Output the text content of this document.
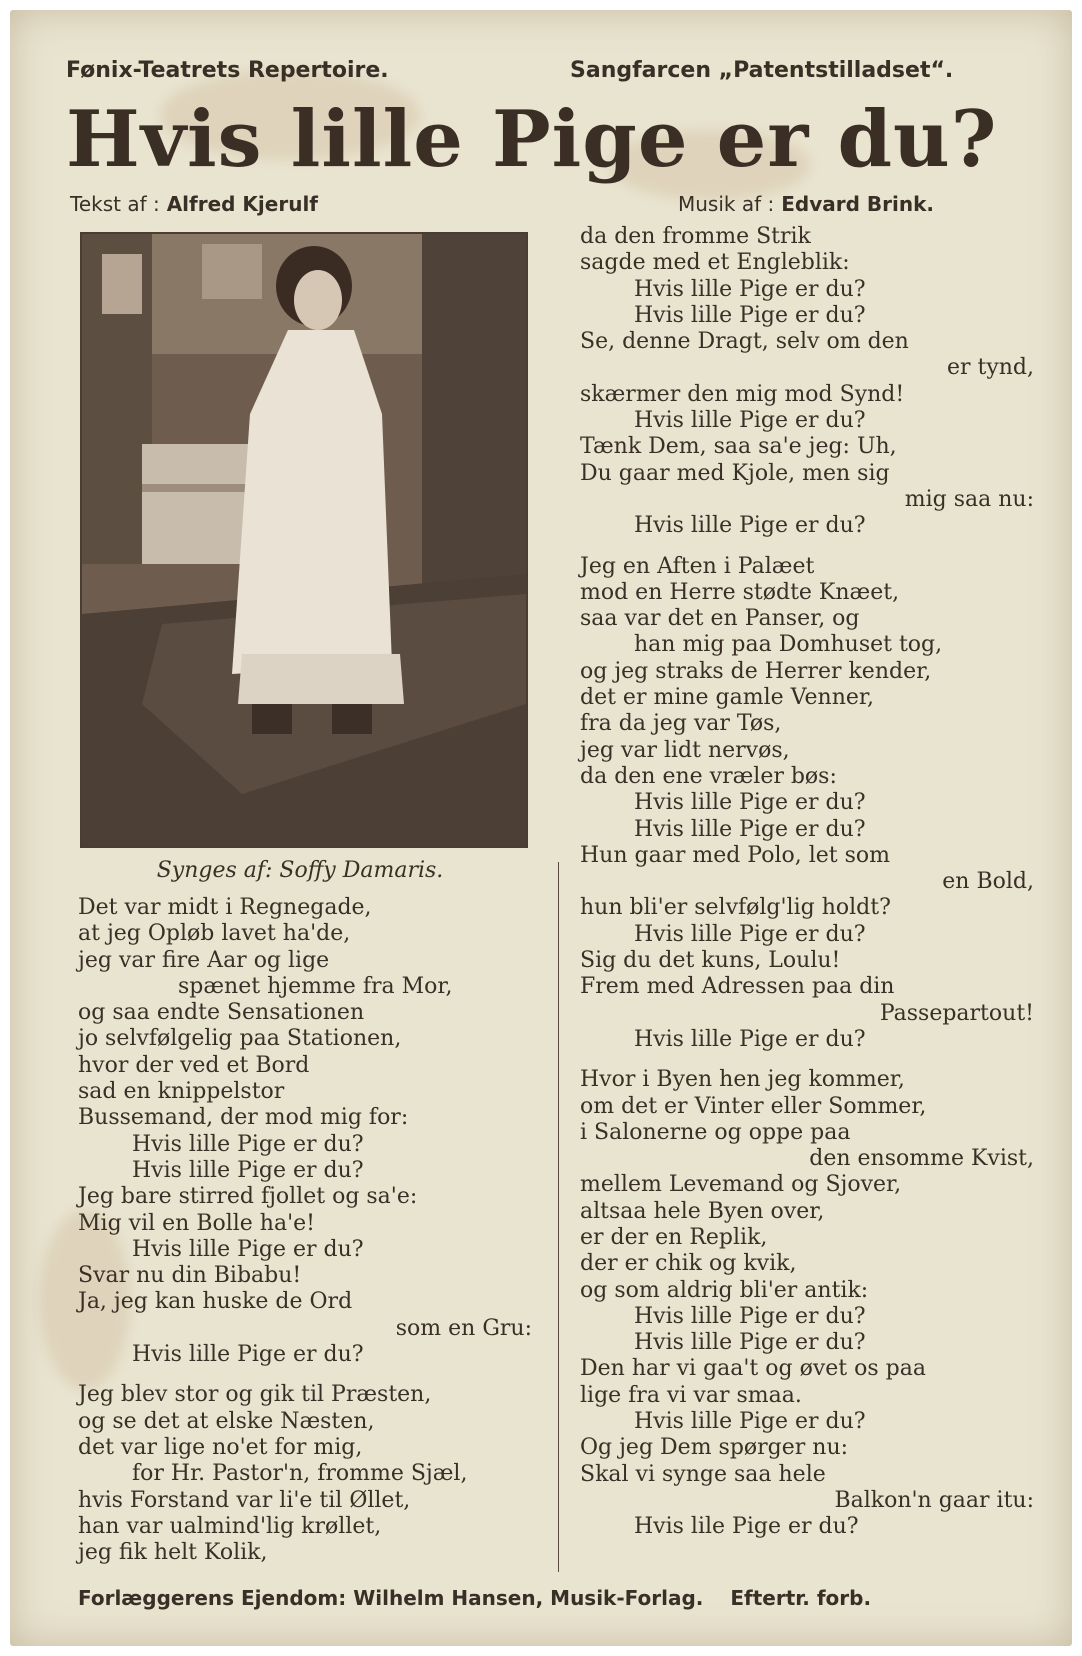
Fønix-Teatrets Repertoire.	Sangfarcen „Patentstilladset“.
Hvis lille Pige er du?
Tekst af : Alfred Kjerulf	Musik af : Edvard Brink.
Synges af: Soffy Damaris.
Det var midt i Regnegade,
at jeg Opløb lavet ha'de,
jeg var fire Aar og lige
spænet hjemme fra Mor,
og saa endte Sensationen
jo selvfølgelig paa Stationen,
hvor der ved et Bord
sad en knippelstor
Bussemand, der mod mig for:
Hvis lille Pige er du?
Hvis lille Pige er du?
Jeg bare stirred fjollet og sa'e:
Mig vil en Bolle ha'e!
Hvis lille Pige er du?
Svar nu din Bibabu!
Ja, jeg kan huske de Ord
som en Gru:
Hvis lille Pige er du?
Jeg blev stor og gik til Præsten,
og se det at elske Næsten,
det var lige no'et for mig,
for Hr. Pastor'n, fromme Sjæl,
hvis Forstand var li'e til Øllet,
han var ualmind'lig krøllet,
jeg fik helt Kolik,
da den fromme Strik
sagde med et Engleblik:
Hvis lille Pige er du?
Hvis lille Pige er du?
Se, denne Dragt, selv om den
er tynd,
skærmer den mig mod Synd!
Hvis lille Pige er du?
Tænk Dem, saa sa'e jeg: Uh,
Du gaar med Kjole, men sig
mig saa nu:
Hvis lille Pige er du?
Jeg en Aften i Palæet
mod en Herre stødte Knæet,
saa var det en Panser, og
han mig paa Domhuset tog,
og jeg straks de Herrer kender,
det er mine gamle Venner,
fra da jeg var Tøs,
jeg var lidt nervøs,
da den ene vræler bøs:
Hvis lille Pige er du?
Hvis lille Pige er du?
Hun gaar med Polo, let som
en Bold,
hun bli'er selvfølg'lig holdt?
Hvis lille Pige er du?
Sig du det kuns, Loulu!
Frem med Adressen paa din
Passepartout!
Hvis lille Pige er du?
Hvor i Byen hen jeg kommer,
om det er Vinter eller Sommer,
i Salonerne og oppe paa
den ensomme Kvist,
mellem Levemand og Sjover,
altsaa hele Byen over,
er der en Replik,
der er chik og kvik,
og som aldrig bli'er antik:
Hvis lille Pige er du?
Hvis lille Pige er du?
Den har vi gaa't og øvet os paa
lige fra vi var smaa.
Hvis lille Pige er du?
Og jeg Dem spørger nu:
Skal vi synge saa hele
Balkon'n gaar itu:
Hvis lile Pige er du?
Forlæggerens Ejendom: Wilhelm Hansen, Musik-Forlag. Eftertr. forb.
